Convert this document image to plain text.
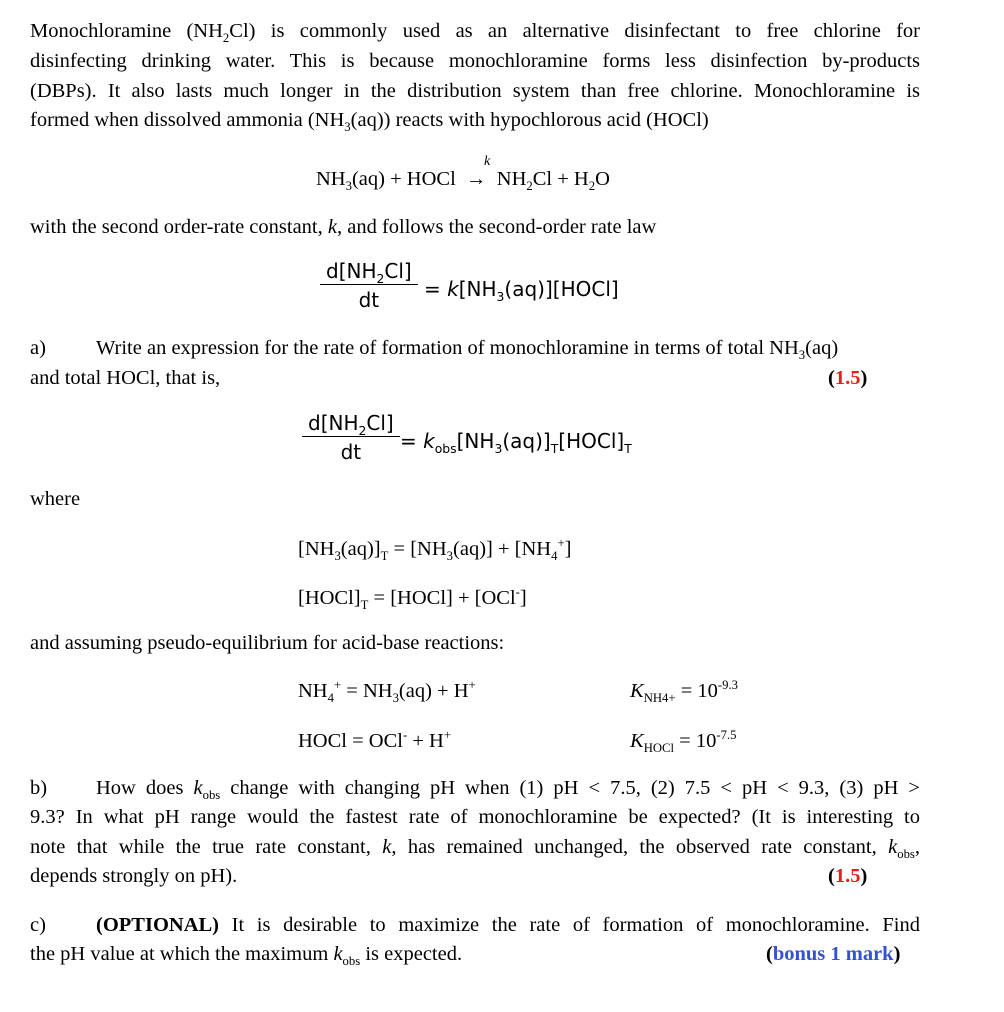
Monochloramine $(NH_2Cl)$ is commonly used as an alternative disinfectant to free chlorine for
disinfecting drinking water. This is because monochloramine forms less disinfection by-products
(DBPs). It also lasts much longer in the distribution system than free chlorine. Monochloramine is
formed when dissolved ammonia $(NH_3(aq))$ reacts with hypochlorous acid (HOCl)
$NH_3(aq)$ + HOCl  →  $NH_2Cl + H_2O$
k
with the second order-rate constant, k, and follows the second-order rate law
$\frac{d[NH_2Cl]}{dt}$ = $k[NH_3(aq)][HOCl]$
a) Write an expression for the rate of formation of monochloramine in terms of total $NH_3(aq)$
and total HOCl, that is,	(1.5)
$\frac{d[NH_2Cl]}{dt}$ = $k_{obs}[NH_3(aq)]_T[HOCl]_T$
where
$[NH_3(aq)]_T = [NH_3(aq)] + [NH_4^+]$
$[HOCl]_T$ = [HOCl] + [OCl-]
and assuming pseudo-equilibrium for acid-base reactions:
$NH_4^+ = NH_3(aq) + H^+$	$K_{NH4+} = 10^{-9.3}$
HOCl = OCl- + H+	$K_{HOCl} = 10^{-7.5}$
b) How does $k_{obs}$ change with changing pH when (1) pH < 7.5, (2) 7.5 < pH < 9.3, (3) pH >
9.3? In what pH range would the fastest rate of monochloramine be expected? (It is interesting to
note that while the true rate constant, k, has remained unchanged, the observed rate constant, $k_{obs}$,
depends strongly on pH).	(1.5)
c) (OPTIONAL) It is desirable to maximize the rate of formation of monochloramine. Find
the pH value at which the maximum $k_{obs}$ is expected.	(bonus 1 mark)
